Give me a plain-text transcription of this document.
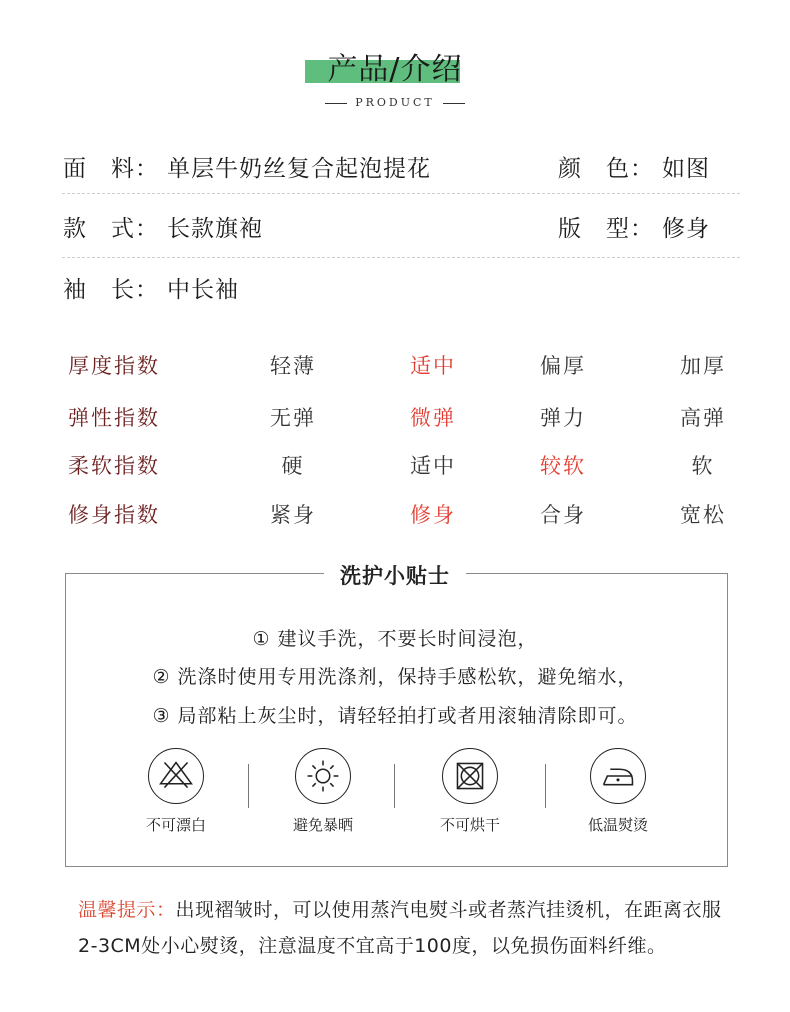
产品/介绍
PRODUCT
面　料： 单层牛奶丝复合起泡提花	颜　色： 如图
款　式： 长款旗袍	版　型： 修身
袖　长： 中长袖
厚度指数	轻薄	适中	偏厚	加厚
弹性指数	无弹	微弹	弹力	高弹
柔软指数	硬	适中	较软	软
修身指数	紧身	修身	合身	宽松
洗护小贴士
① 建议手洗，不要长时间浸泡，
② 洗涤时使用专用洗涤剂，保持手感松软，避免缩水，
③ 局部粘上灰尘时，请轻轻拍打或者用滚轴清除即可。
不可漂白	避免暴晒	不可烘干	低温熨烫
温馨提示：出现褶皱时，可以使用蒸汽电熨斗或者蒸汽挂烫机，在距离衣服2-3CM处小心熨烫，注意温度不宜高于100度，以免损伤面料纤维。
